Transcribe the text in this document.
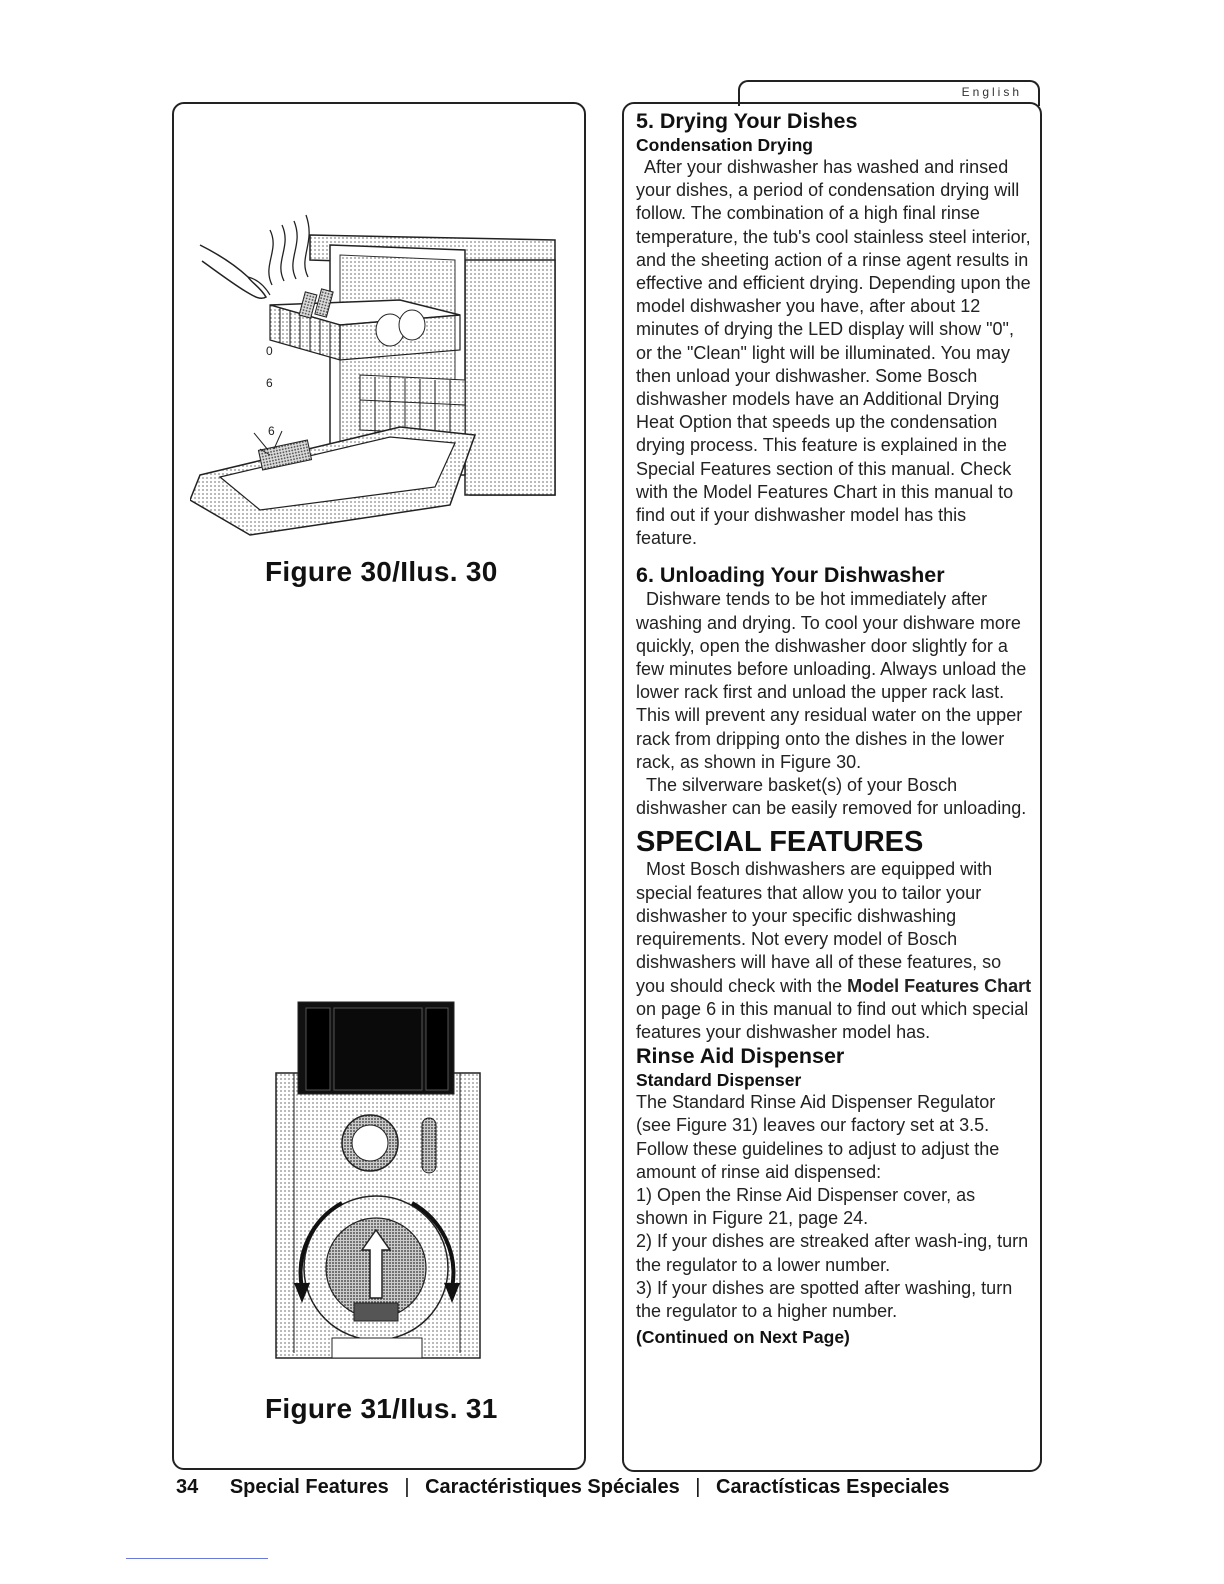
English
0
6
6
Figure 30/Ilus. 30
Figure 31/Ilus. 31

5. Drying Your Dishes

Condensation Drying

After your dishwasher has washed and rinsed your dishes, a period of condensation drying will follow. The combination of a high final rinse temperature, the tub's cool stainless steel interior, and the sheeting action of a rinse agent results in effective and efficient drying. Depending upon the model dishwasher you have, after about 12 minutes of drying the LED display will show "0", or the "Clean" light will be illuminated. You may then unload your dishwasher. Some Bosch dishwasher models have an Additional Drying Heat Option that speeds up the condensation drying process. This feature is explained in the Special Features section of this manual. Check with the Model Features Chart in this manual to find out if your dishwasher model has this feature.

6. Unloading Your Dishwasher

Dishware tends to be hot immediately after washing and drying. To cool your dishware more quickly, open the dishwasher door slightly for a few minutes before unloading. Always unload the lower rack first and unload the upper rack last. This will prevent any residual water on the upper rack from dripping onto the dishes in the lower rack, as shown in Figure 30.

The silverware basket(s) of your Bosch dishwasher can be easily removed for unloading.

SPECIAL FEATURES

Most Bosch dishwashers are equipped with special features that allow you to tailor your dishwasher to your specific dishwashing requirements. Not every model of Bosch dishwashers will have all of these features, so you should check with the Model Features Chart on page 6 in this manual to find out which special features your dishwasher model has.

Rinse Aid Dispenser

Standard Dispenser

The Standard Rinse Aid Dispenser Regulator (see Figure 31) leaves our factory set at 3.5. Follow these guidelines to adjust to adjust the amount of rinse aid dispensed:

1) Open the Rinse Aid Dispenser cover, as shown in Figure 21, page 24.

2) If your dishes are streaked after wash-ing, turn the regulator to a lower number.

3) If your dishes are spotted after washing, turn the regulator to a higher number.

(Continued on Next Page)

34 Special Features | Caractéristiques Spéciales | Caractísticas Especiales
